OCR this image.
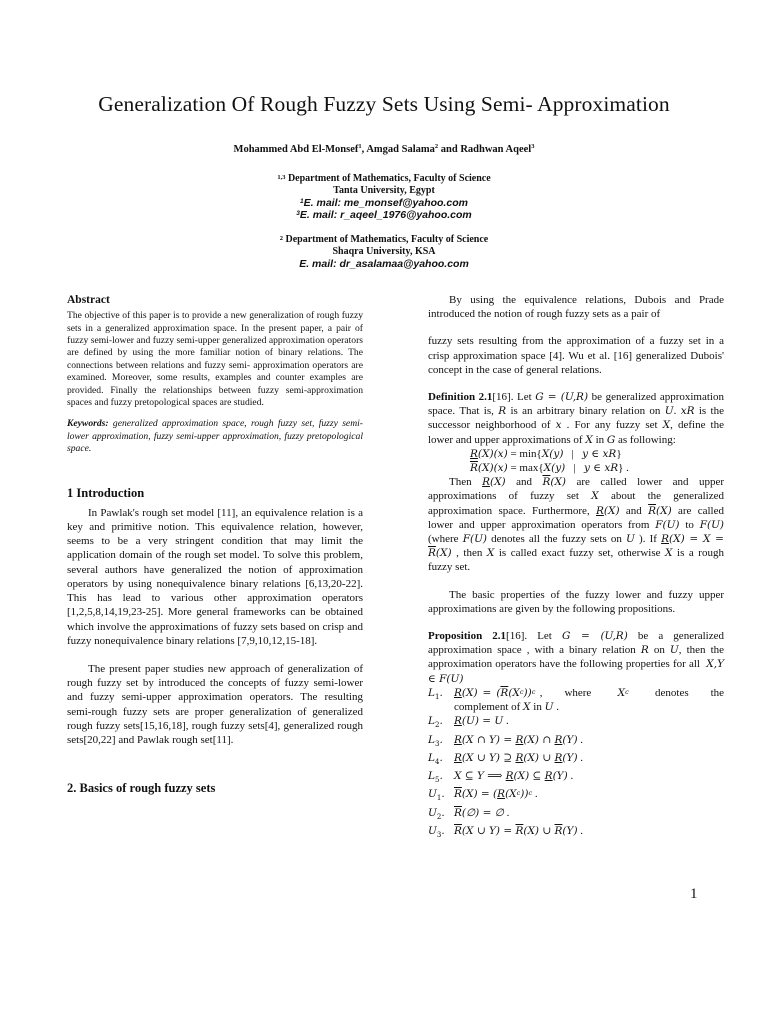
Generalization Of Rough Fuzzy Sets Using Semi- Approximation
Mohammed Abd El-Monsef$^1$, Amgad Salama$^2$ and Radhwan Aqeel$^3$
$^{1,3}$ Department of Mathematics, Faculty of Science
Tanta University, Egypt
$^1$E. mail: me_monsef@yahoo.com
$^3$E. mail: r_aqeel_1976@yahoo.com
$^2$ Department of Mathematics, Faculty of Science
Shaqra University, KSA
E. mail: dr_asalamaa@yahoo.com
Abstract
The objective of this paper is to provide a new generalization of rough fuzzy sets in a generalized approximation space. In the present paper, a pair of fuzzy semi-lower and fuzzy semi-upper generalized approximation operators are defined by using the more familiar notion of binary relations. The connections between relations and fuzzy semi- approximation operators are examined. Moreover, some results, examples and counter examples are provided. Finally the relationships between fuzzy semi-approximation spaces and fuzzy pretopological spaces are studied.
Keywords: generalized approximation space, rough fuzzy set, fuzzy semi-lower approximation, fuzzy semi-upper approximation, fuzzy pretopological space.
1 Introduction

In Pawlak's rough set model [11], an equivalence relation is a key and primitive notion. This equivalence relation, however, seems to be a very stringent condition that may limit the application domain of the rough set model. To solve this problem, several authors have generalized the notion of approximation operators by using nonequivalence binary relations [6,13,20-22]. This has lead to various other approximation operators [1,2,5,8,14,19,23-25]. More general frameworks can be obtained which involve the approximations of fuzzy sets based on crisp and fuzzy nonequivalence binary relations [7,9,10,12,15-18].

The present paper studies new approach of generalization of rough fuzzy set by introduced the concepts of fuzzy semi-lower and fuzzy semi-upper approximation operators. The resulting semi-rough fuzzy sets are proper generalization of generalized rough fuzzy sets[15,16,18], rough fuzzy sets[4], generalized rough sets[20,22] and Pawlak rough set[11].

2. Basics of rough fuzzy sets

By using the equivalence relations, Dubois and Prade introduced the notion of rough fuzzy sets as a pair of

fuzzy sets resulting from the approximation of a fuzzy set in a crisp approximation space [4]. Wu et al. [16] generalized Dubois' concept in the case of general relations.

Definition 2.1[16]. Let G = (U,R) be generalized approximation space. That is, R is an arbitrary binary relation on U. xR is the successor neighborhood of x . For any fuzzy set X, define the lower and upper approximations of X in G as following:

R(X)(x) = min{X(y)   |   y ∈ xR}
$\overline{R}(X)(x) = \max\{X(y)$   |   y ∈ xR} .

Then R(X) and $\overline{R}(X)$ are called lower and upper approximations of fuzzy set X about the generalized approximation space. Furthermore, R(X) and $\overline{R}(X)$ are called lower and upper approximation operators from F(U) to F(U) (where F(U) denotes all the fuzzy sets on U ). If $R(X) = X = \overline{R}(X)$ , then X is called exact fuzzy set, otherwise X is a rough fuzzy set.

The basic properties of the fuzzy lower and fuzzy upper approximations are given by the following propositions.

Proposition 2.1[16]. Let G = (U,R) be a generalized approximation space , with a binary relation R on U, then the approximation operators have the following properties for all  X,Y ∈ F(U)

$L_1$.	$R(X) = (\overline{R}(X^c))^c$ ,     where      $X^c$      denotes     the complement of X in U .
$L_2$.	R(U) = U .
$L_3$.	R(X ∩ Y) = R(X) ∩ R(Y) .
$L_4$.	R(X ∪ Y) ⊇ R(X) ∪ R(Y) .
$L_5$.	X ⊆ Y ⟹ R(X) ⊆ R(Y) .
$U_1$. $\overline{R}(X) = (R(X^c))^c$ .
$U_2$. $\overline{R}(\emptyset)$ = ∅ .
$U_3$. $\overline{R}(X$ ∪ $Y) = \overline{R}(X)$ ∪ $\overline{R}(Y)$ .
1
